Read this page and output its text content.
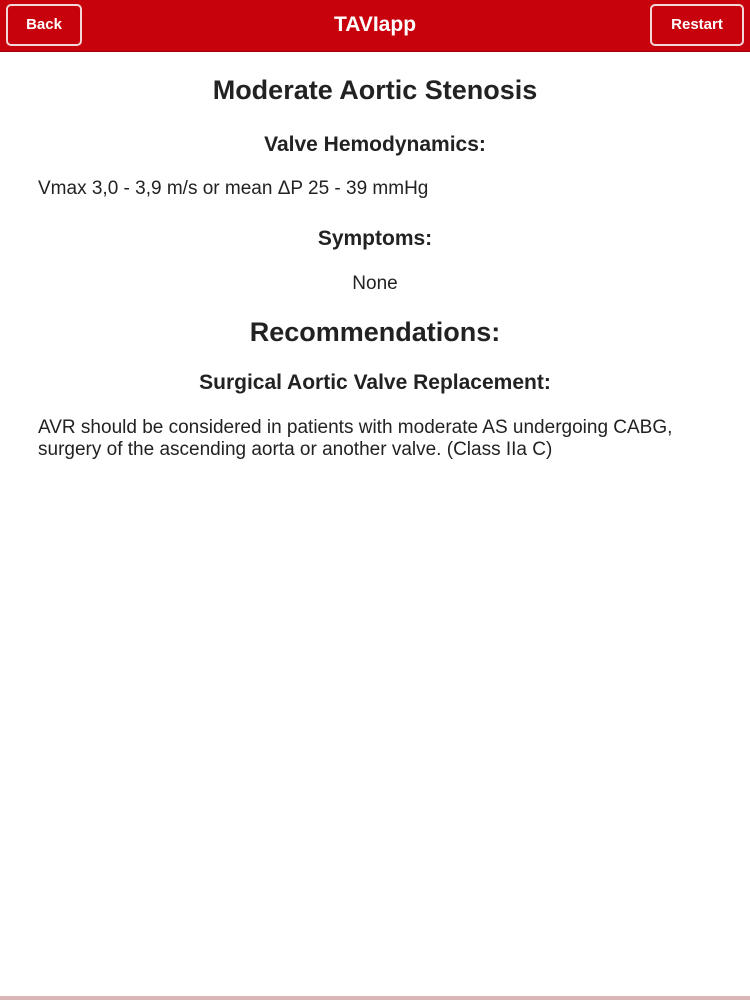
Back	TAVIapp	Restart
Moderate Aortic Stenosis
Valve Hemodynamics:
Vmax 3,0 - 3,9 m/s or mean ΔP 25 - 39 mmHg
Symptoms:
None
Recommendations:
Surgical Aortic Valve Replacement:
AVR should be considered in patients with moderate AS undergoing CABG, surgery of the ascending aorta or another valve. (Class IIa C)
